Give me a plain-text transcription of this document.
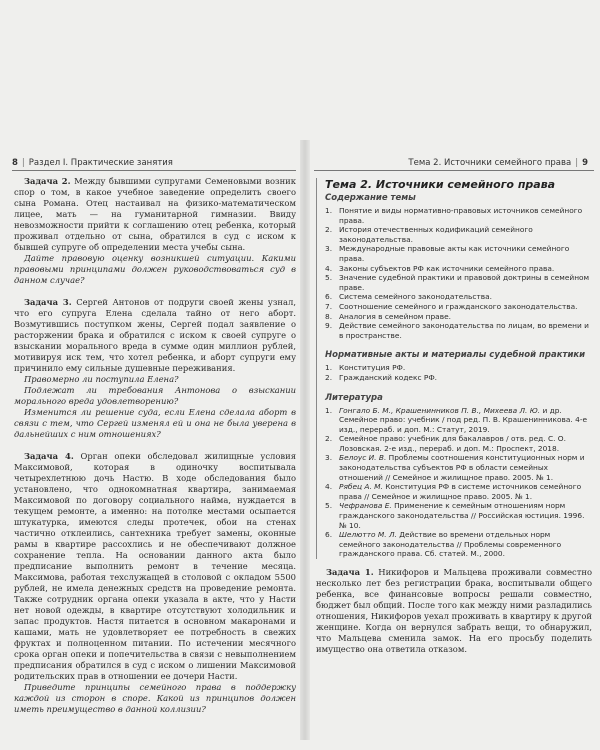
8 | Раздел I. Практические занятия	Тема 2. Источники семейного права | 9

Задача 2. Между бывшими супругами Семеновыми возник спор о том, в какое учебное заведение определить своего сына Романа. Отец настаивал на физико-математическом лицее, мать — на гуманитарной гимназии. Ввиду невозможности прийти к соглашению отец ребенка, который проживал отдельно от сына, обратился в суд с иском к бывшей супруге об определении места учебы сына.

Дайте правовую оценку возникшей ситуации. Какими правовыми принципами должен руководствоваться суд в данном случае?

Задача 3. Сергей Антонов от подруги своей жены узнал, что его супруга Елена сделала тайно от него аборт. Возмутившись поступком жены, Сергей подал заявление о расторжении брака и обратился с иском к своей супруге о взыскании морального вреда в сумме один миллион рублей, мотивируя иск тем, что хотел ребенка, и аборт супруги ему причинило ему сильные душевные переживания.

Правомерно ли поступила Елена?

Подлежат ли требования Антонова о взыскании морального вреда удовлетворению?

Изменится ли решение суда, если Елена сделала аборт в связи с тем, что Сергей изменял ей и она не была уверена в дальнейших с ним отношениях?

Задача 4. Орган опеки обследовал жилищные условия Максимовой, которая в одиночку воспитывала четырехлетнюю дочь Настю. В ходе обследования было установлено, что однокомнатная квартира, занимаемая Максимовой по договору социального найма, нуждается в текущем ремонте, а именно: на потолке местами осыпается штукатурка, имеются следы протечек, обои на стенах частично отклеились, сантехника требует замены, оконные рамы в квартире рассохлись и не обеспечивают должное сохранение тепла. На основании данного акта было предписание выполнить ремонт в течение месяца. Максимова, работая техслужащей в столовой с окладом 5500 рублей, не имела денежных средств на проведение ремонта. Также сотрудник органа опеки указала в акте, что у Насти нет новой одежды, в квартире отсутствуют холодильник и запас продуктов. Настя питается в основном макаронами и кашами, мать не удовлетворяет ее потребность в свежих фруктах и полноценном питании. По истечении месячного срока орган опеки и попечительства в связи с невыполнением предписания обратился в суд с иском о лишении Максимовой родительских прав в отношении ее дочери Насти.

Приведите принципы семейного права в поддержку каждой из сторон в споре. Какой из принципов должен иметь преимущество в данной коллизии?

Тема 2. Источники семейного права
Содержание темы
1. Понятие и виды нормативно-правовых источников семейного права.
2. История отечественных кодификаций семейного законодательства.
3. Международные правовые акты как источники семейного права.
4. Законы субъектов РФ как источники семейного права.
5. Значение судебной практики и правовой доктрины в семейном праве.
6. Система семейного законодательства.
7. Соотношение семейного и гражданского законодательства.
8. Аналогия в семейном праве.
9. Действие семейного законодательства по лицам, во времени и в пространстве.
Нормативные акты и материалы судебной практики
1. Конституция РФ.
2. Гражданский кодекс РФ.
Литература
1. Гонгало Б. М., Крашенинников П. В., Михеева Л. Ю. и др. Семейное право: учебник / под ред. П. В. Крашенинникова. 4-е изд., перераб. и доп. М.: Статут, 2019.
2. Семейное право: учебник для бакалавров / отв. ред. С. О. Лозовская. 2-е изд., перераб. и доп. М.: Проспект, 2018.
3. Белоус И. В. Проблемы соотношения конституционных норм и законодательства субъектов РФ в области семейных отношений // Семейное и жилищное право. 2005. № 1.
4. Рябец А. М. Конституция РФ в системе источников семейного права // Семейное и жилищное право. 2005. № 1.
5. Чефранова Е. Применение к семейным отношениям норм гражданского законодательства // Российская юстиция. 1996. № 10.
6. Шелютто М. Л. Действие во времени отдельных норм семейного законодательства // Проблемы современного гражданского права. Сб. статей. М., 2000.

Задача 1. Никифоров и Мальцева проживали совместно несколько лет без регистрации брака, воспитывали общего ребенка, все финансовые вопросы решали совместно, бюджет был общий. После того как между ними разладились отношения, Никифоров уехал проживать в квартиру к другой женщине. Когда он вернулся забрать вещи, то обнаружил, что Мальцева сменила замок. На его просьбу поделить имущество она ответила отказом.
